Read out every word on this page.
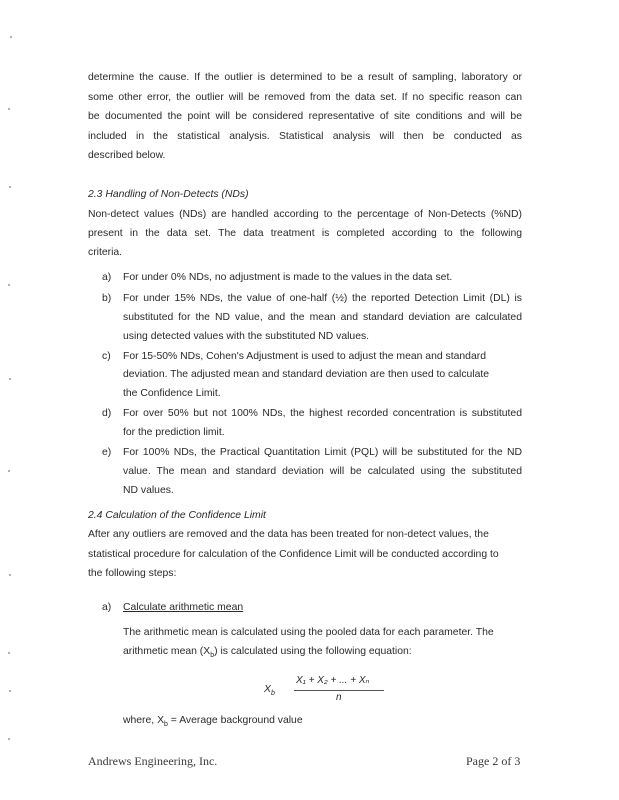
determine the cause. If the outlier is determined to be a result of sampling, laboratory or
some other error, the outlier will be removed from the data set. If no specific reason can
be documented the point will be considered representative of site conditions and will be
included in the statistical analysis. Statistical analysis will then be conducted as
described below.
2.3 Handling of Non-Detects (NDs)
Non-detect values (NDs) are handled according to the percentage of Non-Detects (%ND)
present in the data set. The data treatment is completed according to the following
criteria.
a) For under 0% NDs, no adjustment is made to the values in the data set.
b) For under 15% NDs, the value of one-half (½) the reported Detection Limit (DL) is
substituted for the ND value, and the mean and standard deviation are calculated
using detected values with the substituted ND values.
c) For 15-50% NDs, Cohen's Adjustment is used to adjust the mean and standard
deviation. The adjusted mean and standard deviation are then used to calculate
the Confidence Limit.
d) For over 50% but not 100% NDs, the highest recorded concentration is substituted
for the prediction limit.
e) For 100% NDs, the Practical Quantitation Limit (PQL) will be substituted for the ND
value. The mean and standard deviation will be calculated using the substituted
ND values.
2.4 Calculation of the Confidence Limit
After any outliers are removed and the data has been treated for non-detect values, the
statistical procedure for calculation of the Confidence Limit will be conducted according to
the following steps:
a) Calculate arithmetic mean
The arithmetic mean is calculated using the pooled data for each parameter. The
arithmetic mean $(X_b)$ is calculated using the following equation:
$X_b$
X₁ + X₂ + ... + Xₙ
n
where, $X_b$ = Average background value
Andrews Engineering, Inc.	Page 2 of 3
